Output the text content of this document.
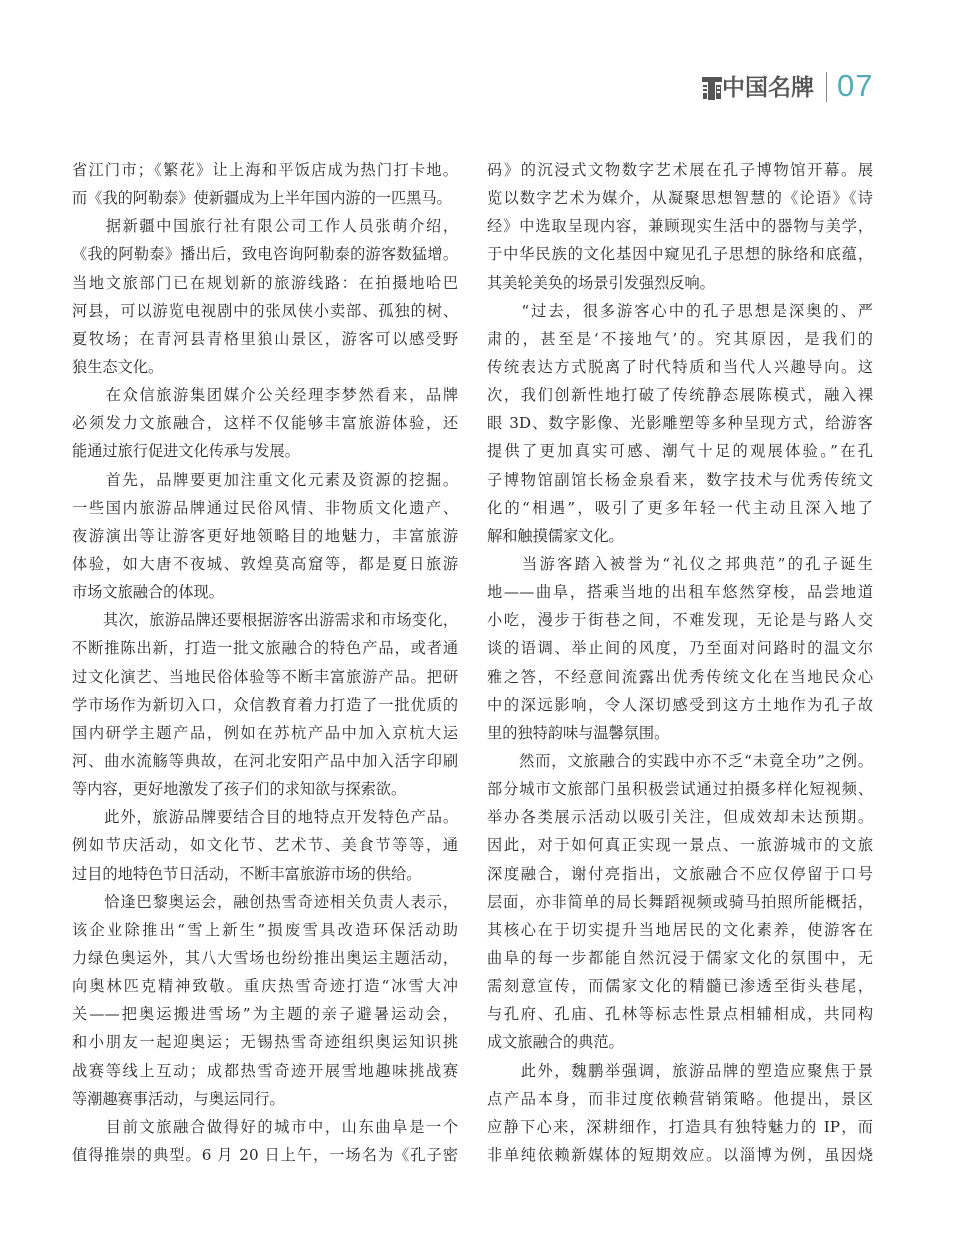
中国名牌 07
省江门市；《繁花》让上海和平饭店成为热门打卡地。
而《我的阿勒泰》使新疆成为上半年国内游的一匹黑马。
　　据新疆中国旅行社有限公司工作人员张萌介绍，
《我的阿勒泰》播出后，致电咨询阿勒泰的游客数猛增。
当地文旅部门已在规划新的旅游线路：在拍摄地哈巴
河县，可以游览电视剧中的张凤侠小卖部、孤独的树、
夏牧场；在青河县青格里狼山景区，游客可以感受野
狼生态文化。
　　在众信旅游集团媒介公关经理李梦然看来，品牌
必须发力文旅融合，这样不仅能够丰富旅游体验，还
能通过旅行促进文化传承与发展。
　　首先，品牌要更加注重文化元素及资源的挖掘。
一些国内旅游品牌通过民俗风情、非物质文化遗产、
夜游演出等让游客更好地领略目的地魅力，丰富旅游
体验，如大唐不夜城、敦煌莫高窟等，都是夏日旅游
市场文旅融合的体现。
　　其次，旅游品牌还要根据游客出游需求和市场变化，
不断推陈出新，打造一批文旅融合的特色产品，或者通
过文化演艺、当地民俗体验等不断丰富旅游产品。把研
学市场作为新切入口，众信教育着力打造了一批优质的
国内研学主题产品，例如在苏杭产品中加入京杭大运
河、曲水流觞等典故，在河北安阳产品中加入活字印刷
等内容，更好地激发了孩子们的求知欲与探索欲。
　　此外，旅游品牌要结合目的地特点开发特色产品。
例如节庆活动，如文化节、艺术节、美食节等等，通
过目的地特色节日活动，不断丰富旅游市场的供给。
　　恰逢巴黎奥运会，融创热雪奇迹相关负责人表示，
该企业除推出“雪上新生”损废雪具改造环保活动助
力绿色奥运外，其八大雪场也纷纷推出奥运主题活动，
向奥林匹克精神致敬。重庆热雪奇迹打造“冰雪大冲
关——把奥运搬进雪场”为主题的亲子避暑运动会，
和小朋友一起迎奥运；无锡热雪奇迹组织奥运知识挑
战赛等线上互动；成都热雪奇迹开展雪地趣味挑战赛
等潮趣赛事活动，与奥运同行。
　　目前文旅融合做得好的城市中，山东曲阜是一个
值得推崇的典型。6 月 20 日上午，一场名为《孔子密
码》的沉浸式文物数字艺术展在孔子博物馆开幕。展
览以数字艺术为媒介，从凝聚思想智慧的《论语》《诗
经》中选取呈现内容，兼顾现实生活中的器物与美学，
于中华民族的文化基因中窥见孔子思想的脉络和底蕴，
其美轮美奂的场景引发强烈反响。
　　“过去，很多游客心中的孔子思想是深奥的、严
肃的，甚至是‘不接地气’的。究其原因，是我们的
传统表达方式脱离了时代特质和当代人兴趣导向。这
次，我们创新性地打破了传统静态展陈模式，融入裸
眼 3D、数字影像、光影雕塑等多种呈现方式，给游客
提供了更加真实可感、潮气十足的观展体验。”在孔
子博物馆副馆长杨金泉看来，数字技术与优秀传统文
化的“相遇”，吸引了更多年轻一代主动且深入地了
解和触摸儒家文化。
　　当游客踏入被誉为“礼仪之邦典范”的孔子诞生
地——曲阜，搭乘当地的出租车悠然穿梭，品尝地道
小吃，漫步于街巷之间，不难发现，无论是与路人交
谈的语调、举止间的风度，乃至面对问路时的温文尔
雅之答，不经意间流露出优秀传统文化在当地民众心
中的深远影响，令人深切感受到这方土地作为孔子故
里的独特韵味与温馨氛围。
　　然而，文旅融合的实践中亦不乏“未竟全功”之例。
部分城市文旅部门虽积极尝试通过拍摄多样化短视频、
举办各类展示活动以吸引关注，但成效却未达预期。
因此，对于如何真正实现一景点、一旅游城市的文旅
深度融合，谢付亮指出，文旅融合不应仅停留于口号
层面，亦非简单的局长舞蹈视频或骑马拍照所能概括，
其核心在于切实提升当地居民的文化素养，使游客在
曲阜的每一步都能自然沉浸于儒家文化的氛围中，无
需刻意宣传，而儒家文化的精髓已渗透至街头巷尾，
与孔府、孔庙、孔林等标志性景点相辅相成，共同构
成文旅融合的典范。
　　此外，魏鹏举强调，旅游品牌的塑造应聚焦于景
点产品本身，而非过度依赖营销策略。他提出，景区
应静下心来，深耕细作，打造具有独特魅力的 IP，而
非单纯依赖新媒体的短期效应。以淄博为例，虽因烧
